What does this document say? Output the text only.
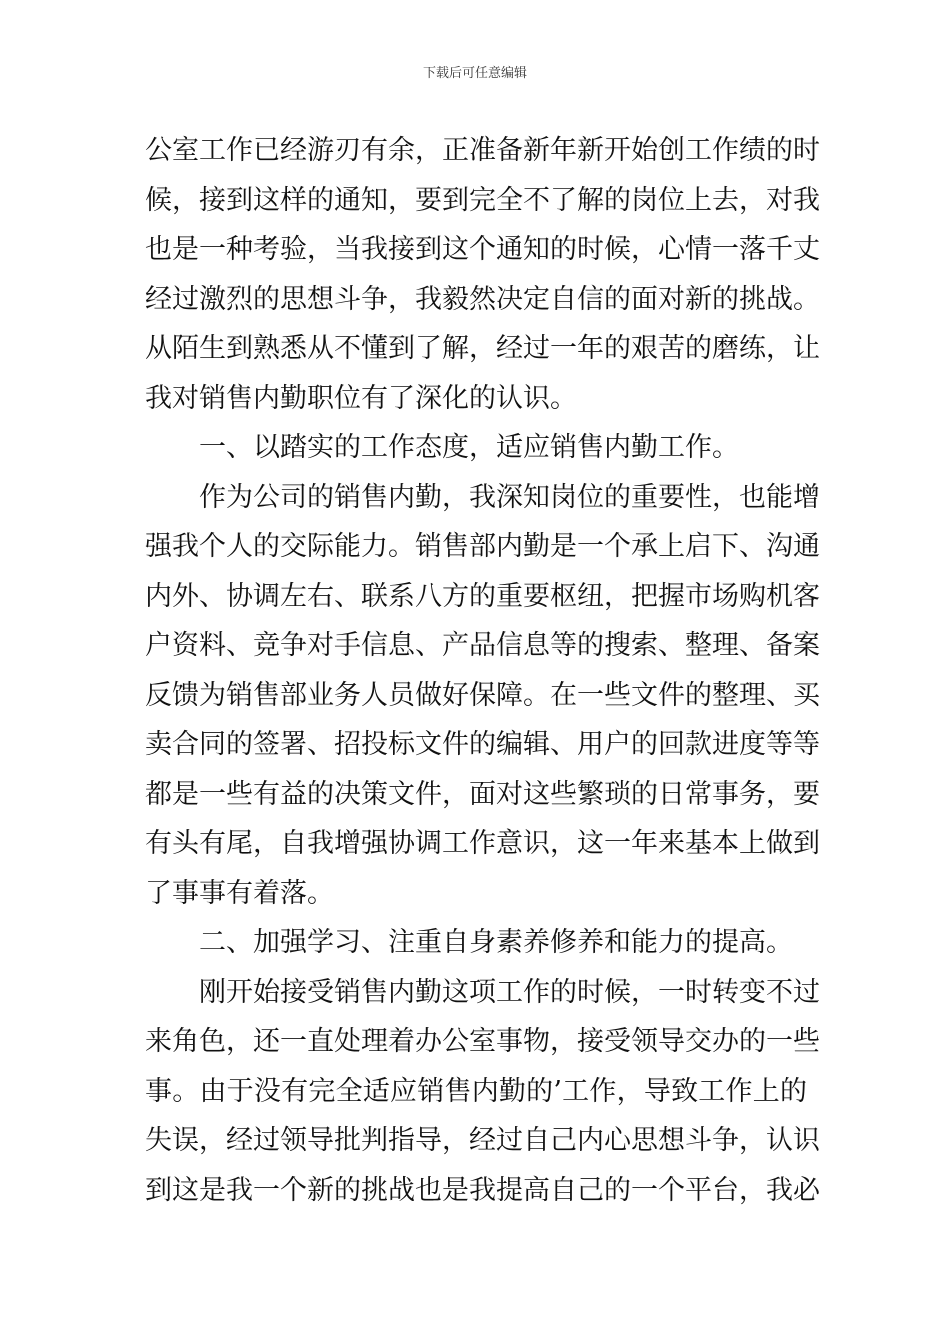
下载后可任意编辑
公室工作已经游刃有余，正准备新年新开始创工作绩的时
候，接到这样的通知，要到完全不了解的岗位上去，对我
也是一种考验，当我接到这个通知的时候，心情一落千丈
经过激烈的思想斗争，我毅然决定自信的面对新的挑战。
从陌生到熟悉从不懂到了解，经过一年的艰苦的磨练，让
我对销售内勤职位有了深化的认识。
一、以踏实的工作态度，适应销售内勤工作。
作为公司的销售内勤，我深知岗位的重要性，也能增
强我个人的交际能力。销售部内勤是一个承上启下、沟通
内外、协调左右、联系八方的重要枢纽，把握市场购机客
户资料、竞争对手信息、产品信息等的搜索、整理、备案
反馈为销售部业务人员做好保障。在一些文件的整理、买
卖合同的签署、招投标文件的编辑、用户的回款进度等等
都是一些有益的决策文件，面对这些繁琐的日常事务，要
有头有尾，自我增强协调工作意识，这一年来基本上做到
了事事有着落。
二、加强学习、注重自身素养修养和能力的提高。
刚开始接受销售内勤这项工作的时候，一时转变不过
来角色，还一直处理着办公室事物，接受领导交办的一些
事。由于没有完全适应销售内勤的’工作，导致工作上的
失误，经过领导批判指导，经过自己内心思想斗争，认识
到这是我一个新的挑战也是我提高自己的一个平台，我必
